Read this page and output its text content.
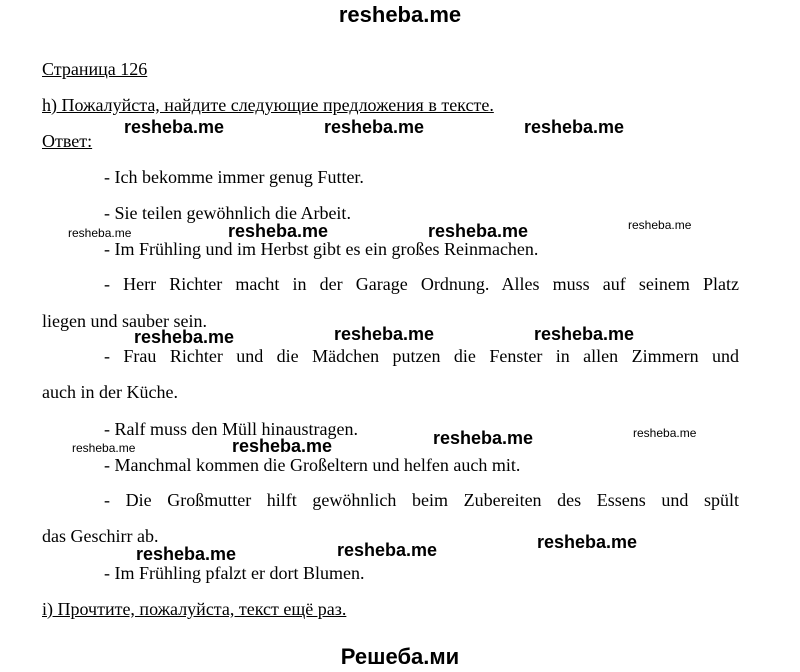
resheba.me
Решеба.ми
Страница 126
h) Пожалуйста, найдите следующие предложения в тексте.
Ответ:
- Ich bekomme immer genug Futter.
- Sie teilen gewöhnlich die Arbeit.
- Im Frühling und im Herbst gibt es ein großes Reinmachen.
- Herr Richter macht in der Garage Ordnung. Alles muss auf seinem Platz
liegen und sauber sein.
- Frau Richter und die Mädchen putzen die Fenster in allen Zimmern und
auch in der Küche.
- Ralf muss den Müll hinaustragen.
- Manchmal kommen die Großeltern und helfen auch mit.
- Die Großmutter hilft gewöhnlich beim Zubereiten des Essens und spült
das Geschirr ab.
- Im Frühling pfalzt er dort Blumen.
i) Прочтите, пожалуйста, текст ещё раз.
resheba.me	resheba.me	resheba.me
resheba.me	resheba.me	resheba.me	resheba.me
resheba.me	resheba.me	resheba.me
resheba.me	resheba.me	resheba.me	resheba.me
resheba.me	resheba.me	resheba.me
